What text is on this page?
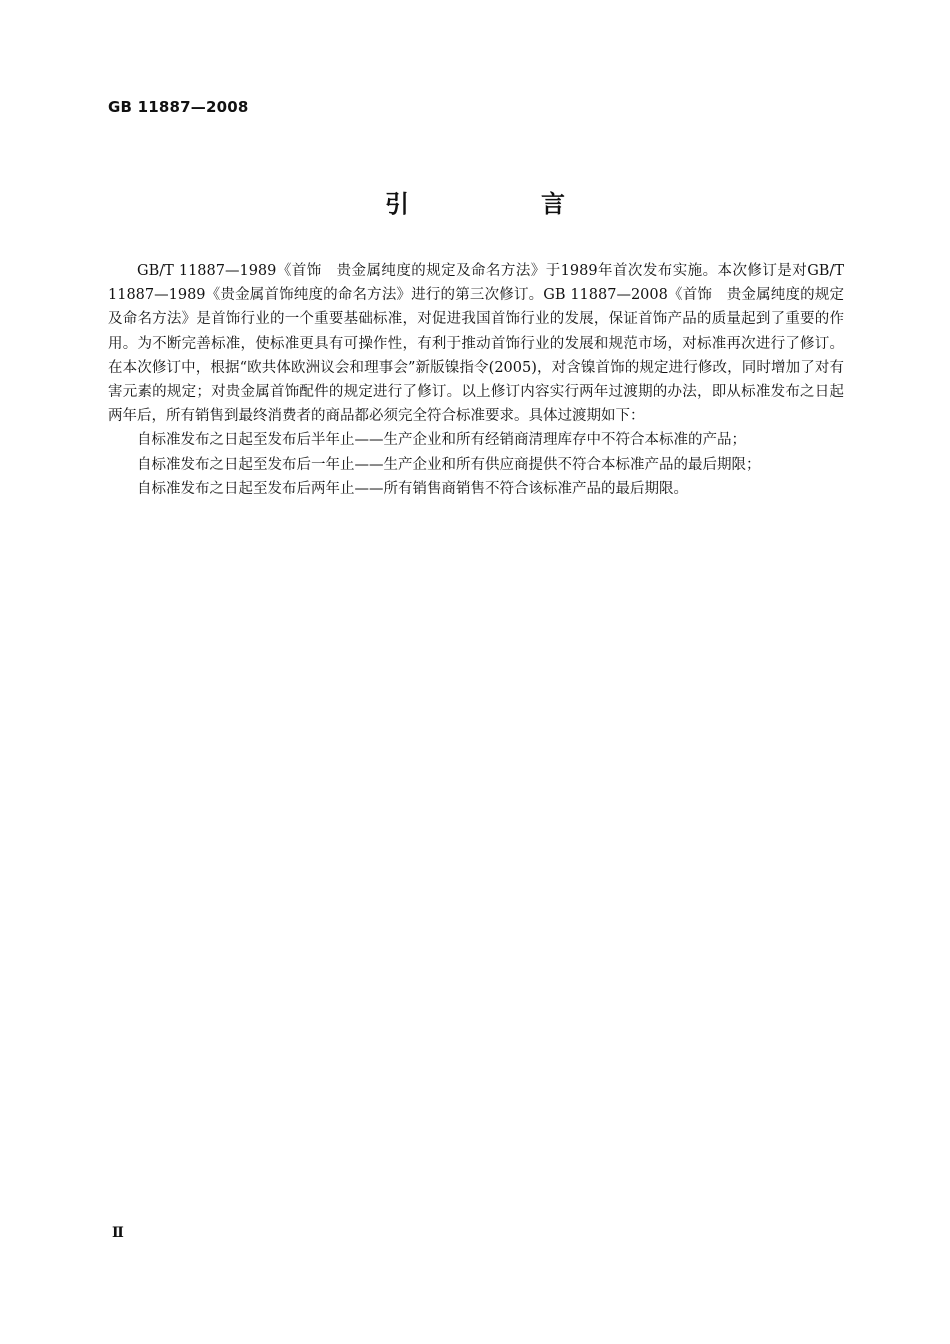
GB 11887—2008
引　言

GB/T 11887—1989《首饰　贵金属纯度的规定及命名方法》于1989年首次发布实施。本次修订是对GB/T 11887—1989《贵金属首饰纯度的命名方法》进行的第三次修订。GB 11887—2008《首饰　贵金属纯度的规定及命名方法》是首饰行业的一个重要基础标准，对促进我国首饰行业的发展，保证首饰产品的质量起到了重要的作用。为不断完善标准，使标准更具有可操作性，有利于推动首饰行业的发展和规范市场，对标准再次进行了修订。在本次修订中，根据“欧共体欧洲议会和理事会”新版镍指令(2005)，对含镍首饰的规定进行修改，同时增加了对有害元素的规定；对贵金属首饰配件的规定进行了修订。以上修订内容实行两年过渡期的办法，即从标准发布之日起两年后，所有销售到最终消费者的商品都必须完全符合标准要求。具体过渡期如下：

自标准发布之日起至发布后半年止——生产企业和所有经销商清理库存中不符合本标准的产品；

自标准发布之日起至发布后一年止——生产企业和所有供应商提供不符合本标准产品的最后期限；

自标准发布之日起至发布后两年止——所有销售商销售不符合该标准产品的最后期限。

Ⅱ
